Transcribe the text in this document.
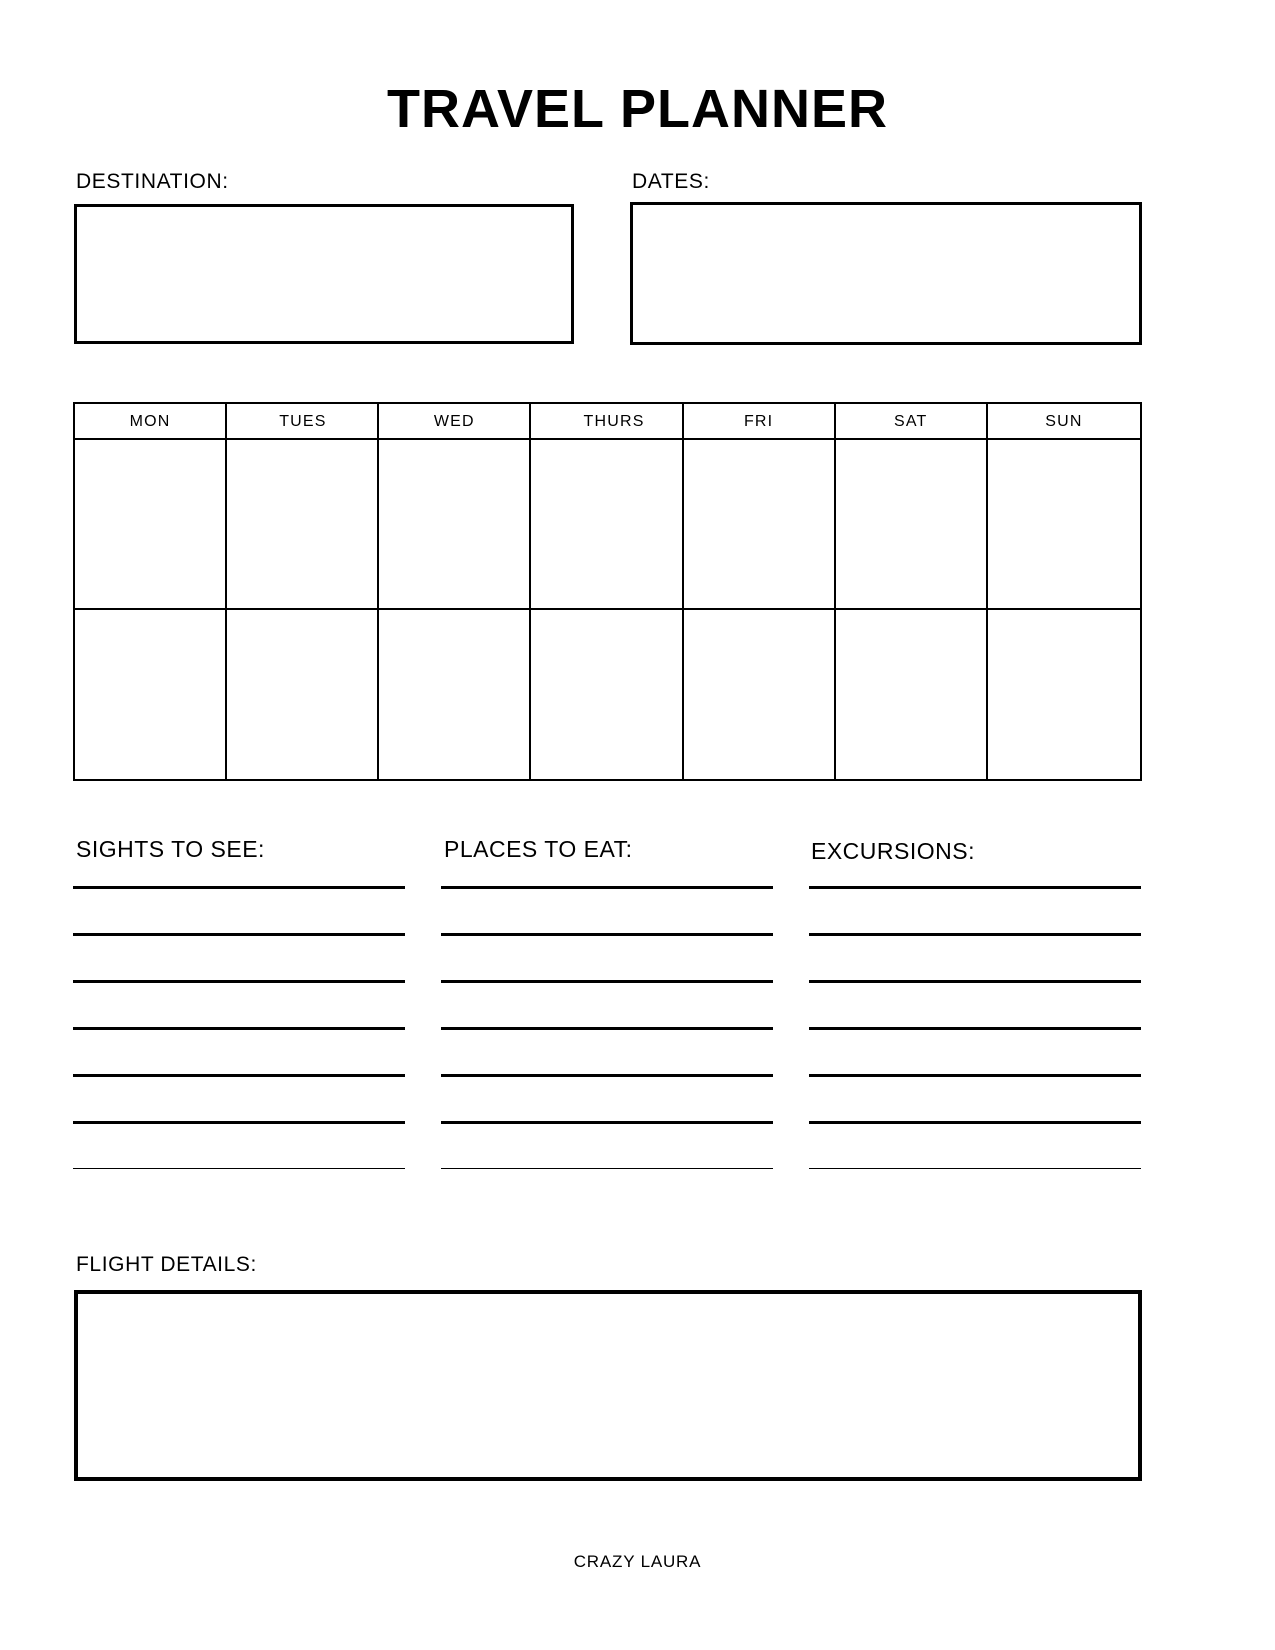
TRAVEL PLANNER
DESTINATION:	DATES:
MON	TUES	WED	THURS	FRI	SAT	SUN
SIGHTS TO SEE:	PLACES TO EAT:	EXCURSIONS:
FLIGHT DETAILS:
CRAZY LAURA
